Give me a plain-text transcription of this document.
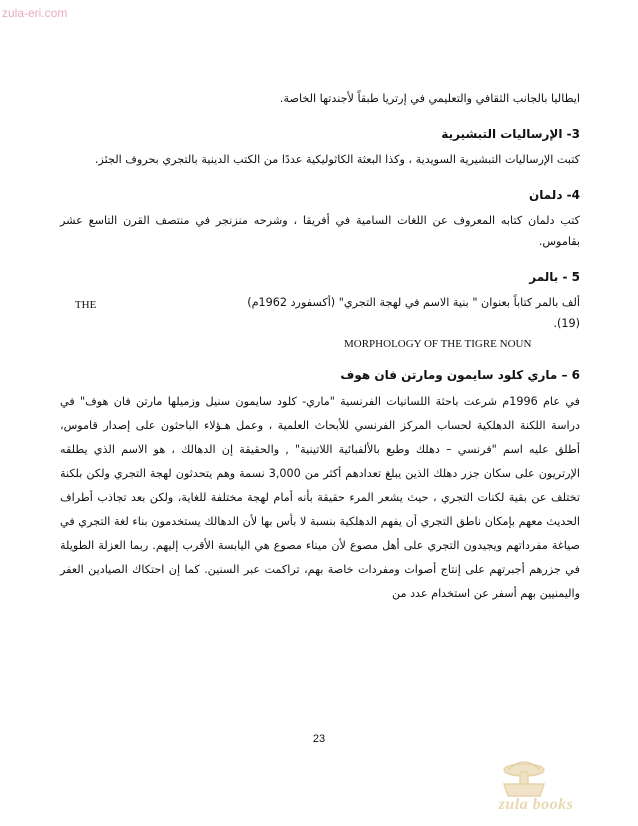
zula-eri.com

ايطاليا بالجانب الثقافي والتعليمي في إرتريا طبقاً لأجندتها الخاصة.

3- الإرساليات التبشيرية

كتبت الإرساليات التبشيرية السويدية ، وكذا البعثة الكاثوليكية عددًا من الكتب الدينية بالتجري بحروف الجئز.

4- دلمان

كتب دلمان كتابه المعروف عن اللغات السامية في أفريقا ، وشرحه منزنجر في منتصف القرن التاسع عشر بقاموس.

5 - بالمر

ألف بالمر كتاباً بعنوان " بنية الاسم في لهجة التجري" (أكسفورد 1962م) (19).

THE
MORPHOLOGY OF THE TIGRE NOUN
6 – ماري كلود سايمون ومارتن فان هوف

في عام 1996م شرعت باحثة اللسانيات الفرنسية "ماري- كلود سايمون سنيل وزميلها مارتن فان هوف" في دراسة اللكنة الدهلكية لحساب المركز الفرنسي للأبحاث العلمية ، وعمل هـؤلاء الباحثون على إصدار قاموس، أطلق عليه اسم "فرنسي – دهلك وطبع بالألفبائية اللاتينية" , والحقيقة إن الدهالك ، هو الاسم الذي يطلقه الإرتريون على سكان جزر دهلك الذين يبلغ تعدادهم أكثر من 3,000 نسمة وهم يتحدثون لهجة التجري ولكن بلكنة تختلف عن بقية لكنات التجري ، حيث يشعر المرء حقيقة بأنه أمام لهجة مختلفة للغاية، ولكن بعد تجاذب أطراف الحديث معهم بإمكان ناطق التجري أن يفهم الدهلكية بنسبة لا بأس بها لأن الدهالك يستخدمون بناء لغة التجري في صياغة مفرداتهم ويجيدون التجري على أهل مصوع لأن ميناء مصوع هي اليابسة الأقرب إليهم. ربما العزلة الطويلة في جزرهم أجبرتهم على إنتاج أصوات ومفردات خاصة بهم، تراكمت عبر السنين. كما إن احتكاك الصيادين العفر واليمنيين بهم أسفر عن استخدام عدد من

23
zula books
